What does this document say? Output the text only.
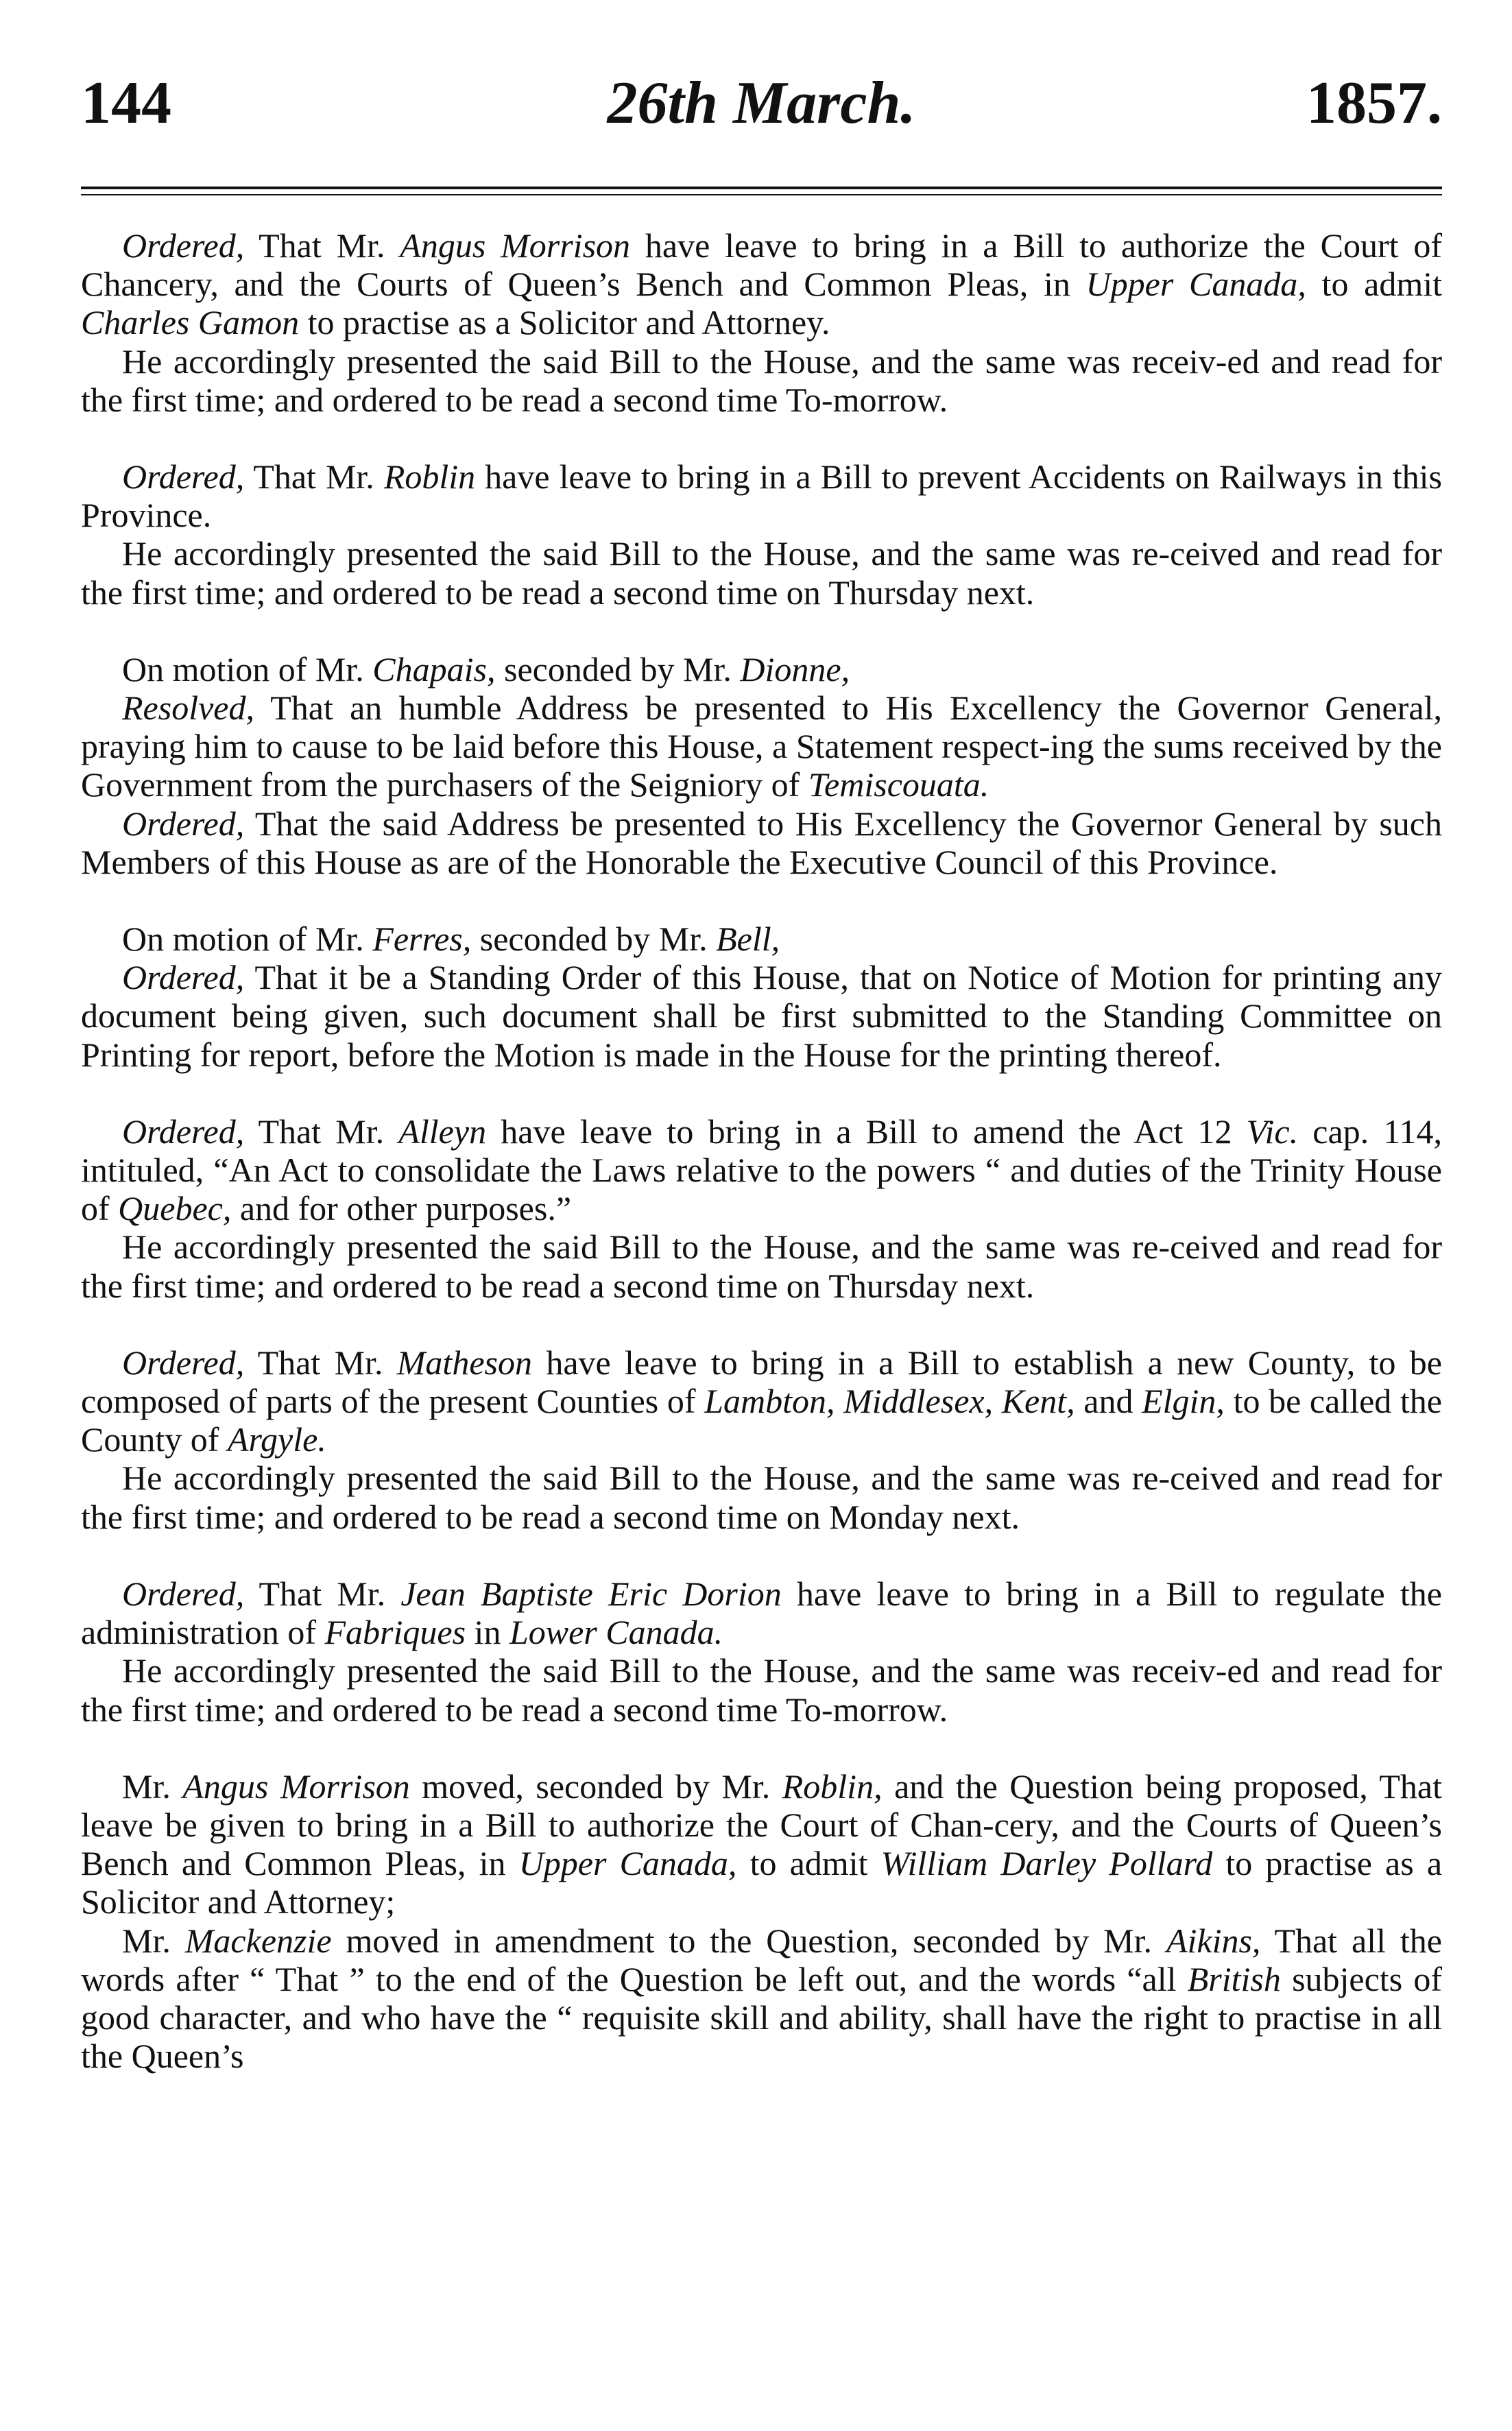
144	26th March.	1857.

Ordered, That Mr. Angus Morrison have leave to bring in a Bill to authorize the Court of Chancery, and the Courts of Queen’s Bench and Common Pleas, in Upper Canada, to admit Charles Gamon to practise as a Solicitor and Attorney.

He accordingly presented the said Bill to the House, and the same was receiv-ed and read for the first time; and ordered to be read a second time To-morrow.

Ordered, That Mr. Roblin have leave to bring in a Bill to prevent Accidents on Railways in this Province.

He accordingly presented the said Bill to the House, and the same was re-ceived and read for the first time; and ordered to be read a second time on Thursday next.

On motion of Mr. Chapais, seconded by Mr. Dionne,

Resolved, That an humble Address be presented to His Excellency the Governor General, praying him to cause to be laid before this House, a Statement respect-ing the sums received by the Government from the purchasers of the Seigniory of Temiscouata.

Ordered, That the said Address be presented to His Excellency the Governor General by such Members of this House as are of the Honorable the Executive Council of this Province.

On motion of Mr. Ferres, seconded by Mr. Bell,

Ordered, That it be a Standing Order of this House, that on Notice of Motion for printing any document being given, such document shall be first submitted to the Standing Committee on Printing for report, before the Motion is made in the House for the printing thereof.

Ordered, That Mr. Alleyn have leave to bring in a Bill to amend the Act 12 Vic. cap. 114, intituled, “An Act to consolidate the Laws relative to the powers “ and duties of the Trinity House of Quebec, and for other purposes.”

He accordingly presented the said Bill to the House, and the same was re-ceived and read for the first time; and ordered to be read a second time on Thursday next.

Ordered, That Mr. Matheson have leave to bring in a Bill to establish a new County, to be composed of parts of the present Counties of Lambton, Middlesex, Kent, and Elgin, to be called the County of Argyle.

He accordingly presented the said Bill to the House, and the same was re-ceived and read for the first time; and ordered to be read a second time on Monday next.

Ordered, That Mr. Jean Baptiste Eric Dorion have leave to bring in a Bill to regulate the administration of Fabriques in Lower Canada.

He accordingly presented the said Bill to the House, and the same was receiv-ed and read for the first time; and ordered to be read a second time To-morrow.

Mr. Angus Morrison moved, seconded by Mr. Roblin, and the Question being proposed, That leave be given to bring in a Bill to authorize the Court of Chan-cery, and the Courts of Queen’s Bench and Common Pleas, in Upper Canada, to admit William Darley Pollard to practise as a Solicitor and Attorney;

Mr. Mackenzie moved in amendment to the Question, seconded by Mr. Aikins, That all the words after “ That ” to the end of the Question be left out, and the words “all British subjects of good character, and who have the “ requisite skill and ability, shall have the right to practise in all the Queen’s
